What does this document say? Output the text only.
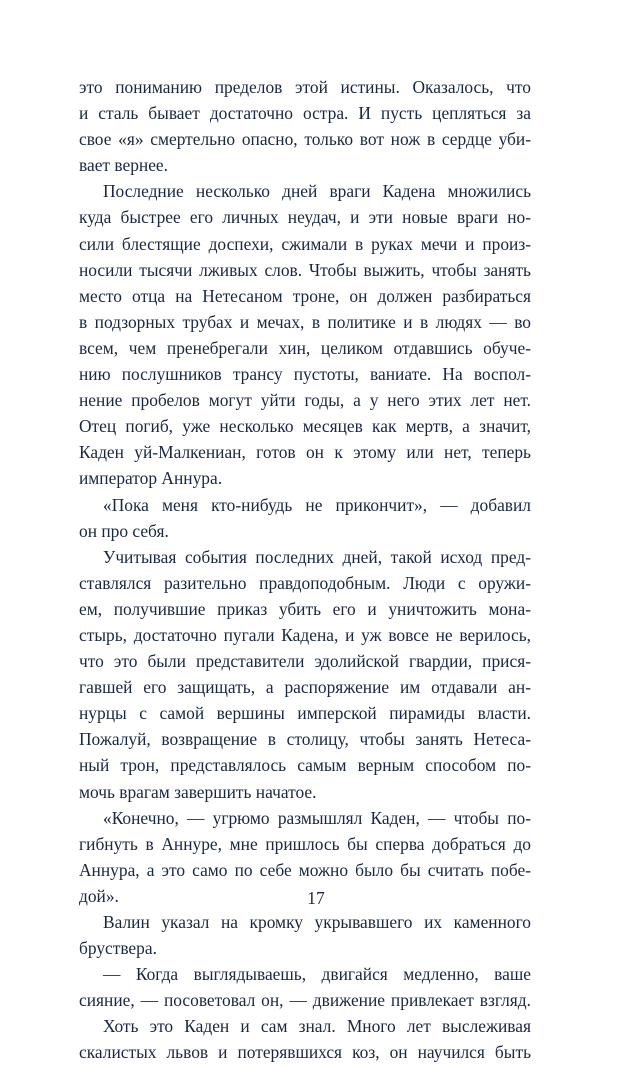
это пониманию пределов этой истины. Оказалось, что
и сталь бывает достаточно остра. И пусть цепляться за
свое «я» смертельно опасно, только вот нож в сердце уби-
вает вернее.
Последние несколько дней враги Кадена множились
куда быстрее его личных неудач, и эти новые враги но-
сили блестящие доспехи, сжимали в руках мечи и произ-
носили тысячи лживых слов. Чтобы выжить, чтобы занять
место отца на Нетесаном троне, он должен разбираться
в подзорных трубах и мечах, в политике и в людях — во
всем, чем пренебрегали хин, целиком отдавшись обуче-
нию послушников трансу пустоты, ваниате. На воспол-
нение пробелов могут уйти годы, а у него этих лет нет.
Отец погиб, уже несколько месяцев как мертв, а значит,
Каден уй-Малкениан, готов он к этому или нет, теперь
император Аннура.
«Пока меня кто-нибудь не прикончит», — добавил
он про себя.
Учитывая события последних дней, такой исход пред-
ставлялся разительно правдоподобным. Люди с оружи-
ем, получившие приказ убить его и уничтожить мона-
стырь, достаточно пугали Кадена, и уж вовсе не верилось,
что это были представители эдолийской гвардии, прися-
гавшей его защищать, а распоряжение им отдавали ан-
нурцы с самой вершины имперской пирамиды власти.
Пожалуй, возвращение в столицу, чтобы занять Нетеса-
ный трон, представлялось самым верным способом по-
мочь врагам завершить начатое.
«Конечно, — угрюмо размышлял Каден, — чтобы по-
гибнуть в Аннуре, мне пришлось бы сперва добраться до
Аннура, а это само по себе можно было бы считать побе-
дой».
Валин указал на кромку укрывавшего их каменного
бруствера.
— Когда выглядываешь, двигайся медленно, ваше
сияние, — посоветовал он, — движение привлекает взгляд.
Хоть это Каден и сам знал. Много лет выслеживая
скалистых львов и потерявшихся коз, он научился быть
17
